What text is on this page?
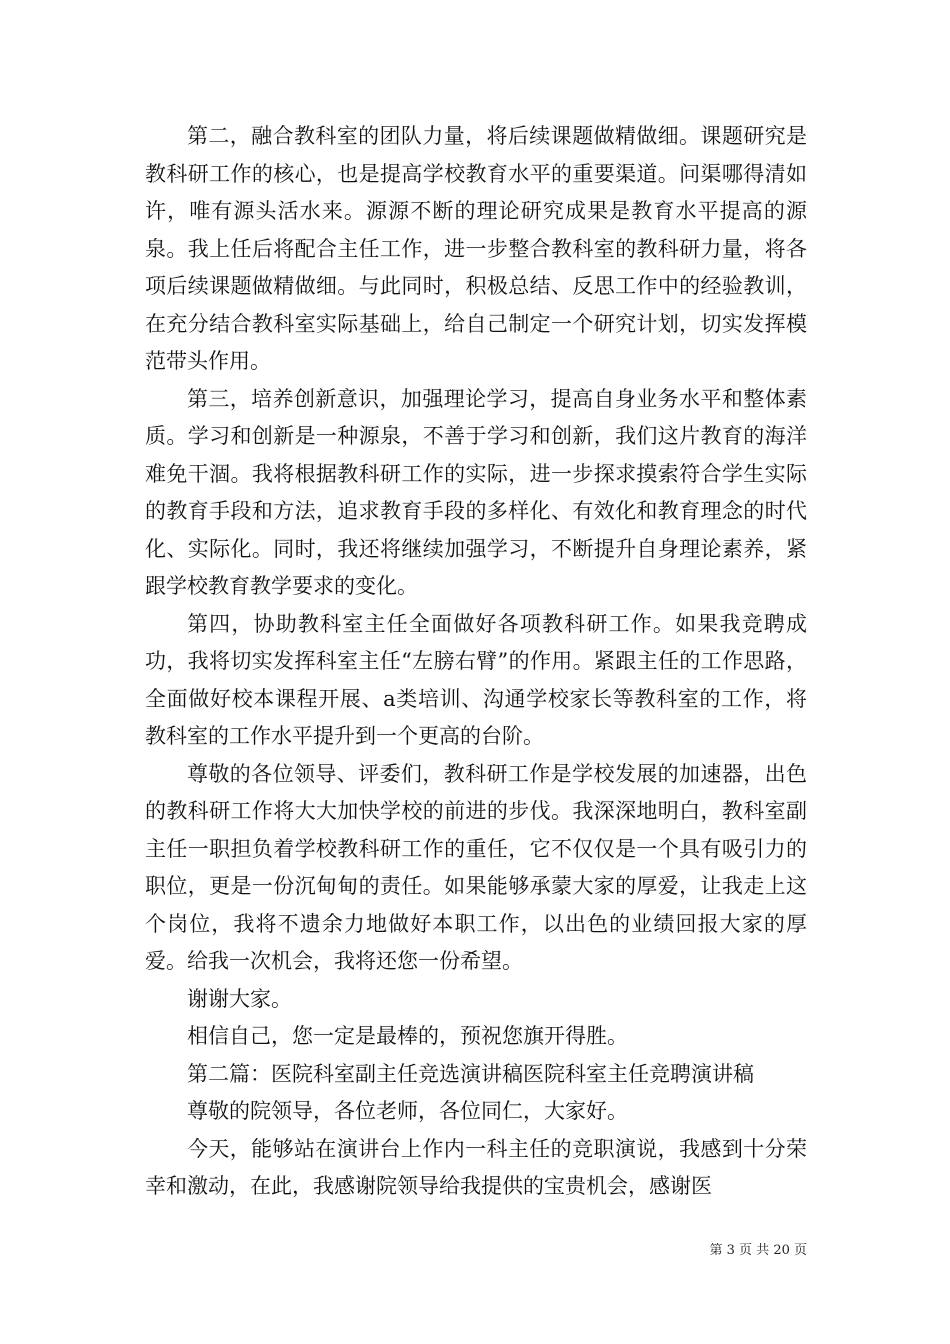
第二，融合教科室的团队力量，将后续课题做精做细。课题研究是教科研工作的核心，也是提高学校教育水平的重要渠道。问渠哪得清如许，唯有源头活水来。源源不断的理论研究成果是教育水平提高的源泉。我上任后将配合主任工作，进一步整合教科室的教科研力量，将各项后续课题做精做细。与此同时，积极总结、反思工作中的经验教训，在充分结合教科室实际基础上，给自己制定一个研究计划，切实发挥模范带头作用。

第三，培养创新意识，加强理论学习，提高自身业务水平和整体素质。学习和创新是一种源泉，不善于学习和创新，我们这片教育的海洋难免干涸。我将根据教科研工作的实际，进一步探求摸索符合学生实际的教育手段和方法，追求教育手段的多样化、有效化和教育理念的时代化、实际化。同时，我还将继续加强学习，不断提升自身理论素养，紧跟学校教育教学要求的变化。

第四，协助教科室主任全面做好各项教科研工作。如果我竞聘成功，我将切实发挥科室主任“左膀右臂”的作用。紧跟主任的工作思路，全面做好校本课程开展、a类培训、沟通学校家长等教科室的工作，将教科室的工作水平提升到一个更高的台阶。

尊敬的各位领导、评委们，教科研工作是学校发展的加速器，出色的教科研工作将大大加快学校的前进的步伐。我深深地明白，教科室副主任一职担负着学校教科研工作的重任，它不仅仅是一个具有吸引力的职位，更是一份沉甸甸的责任。如果能够承蒙大家的厚爱，让我走上这个岗位，我将不遗余力地做好本职工作，以出色的业绩回报大家的厚爱。给我一次机会，我将还您一份希望。

谢谢大家。

相信自己，您一定是最棒的，预祝您旗开得胜。

第二篇：医院科室副主任竞选演讲稿医院科室主任竞聘演讲稿

尊敬的院领导，各位老师，各位同仁，大家好。

今天，能够站在演讲台上作内一科主任的竞职演说，我感到十分荣幸和激动，在此，我感谢院领导给我提供的宝贵机会，感谢医

第 3 页 共 20 页
